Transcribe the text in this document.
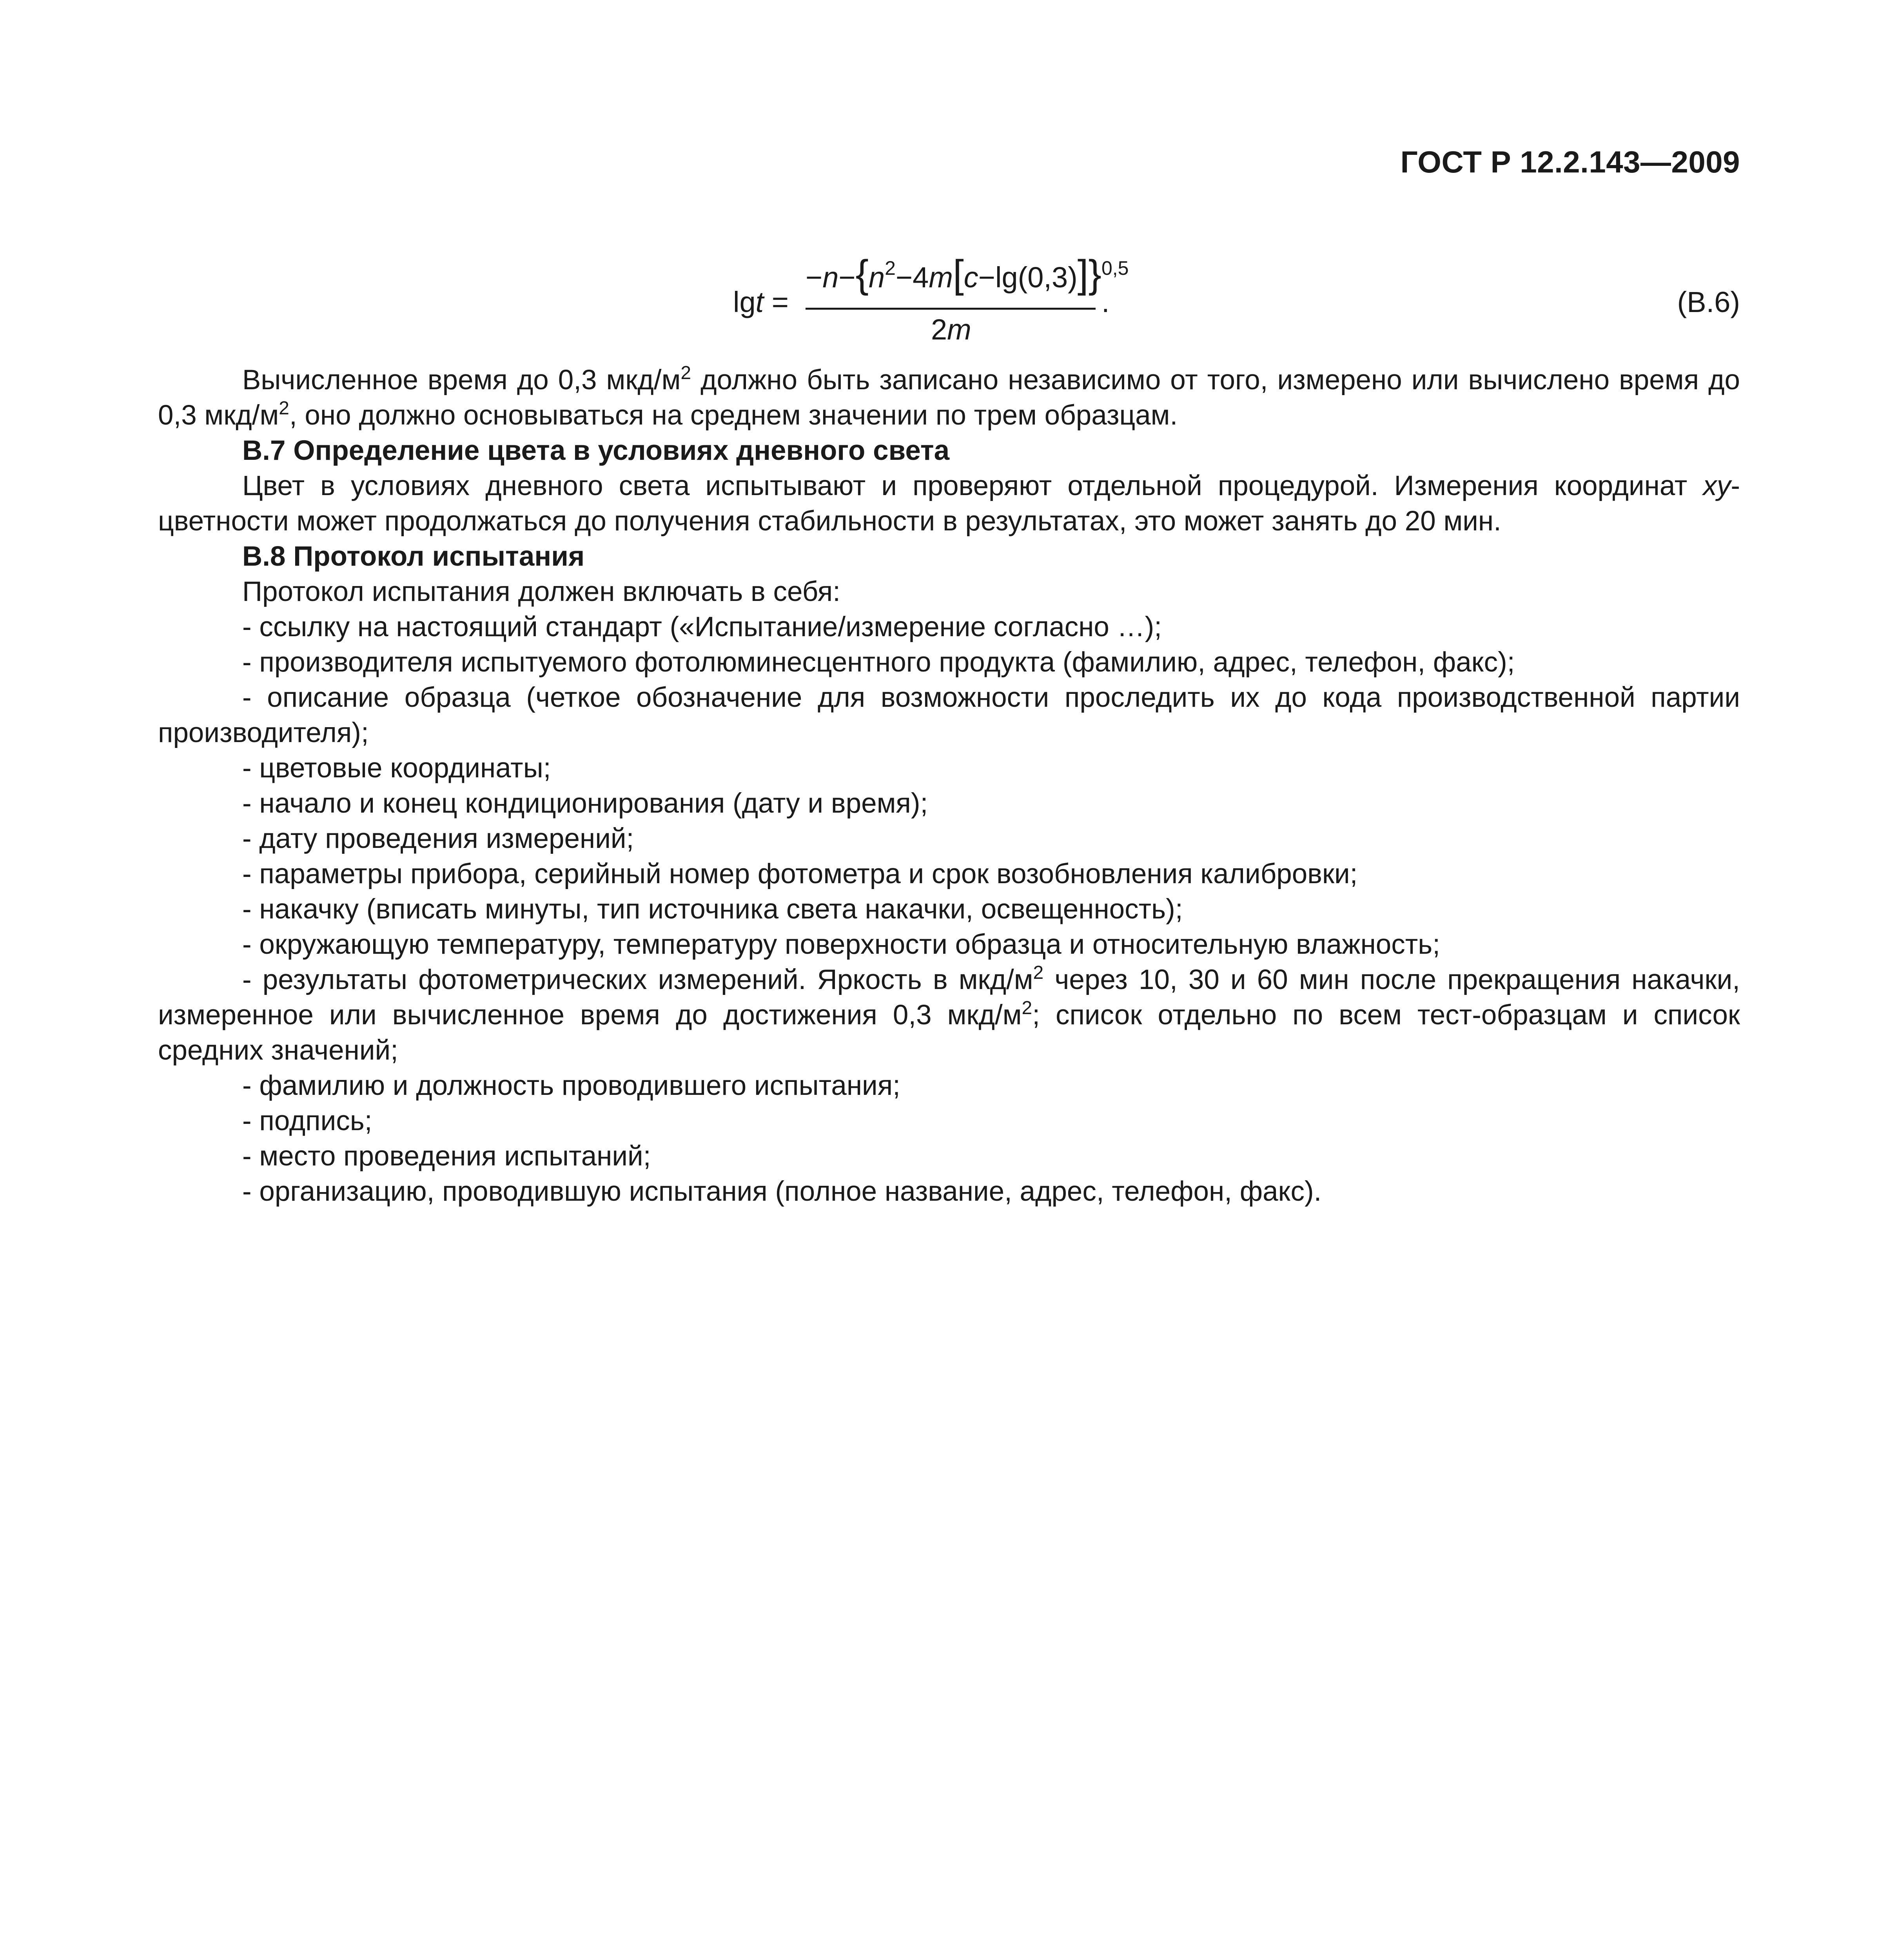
ГОСТ Р 12.2.143—2009
lgt =
$-n-\{n^2-4m[c-\lg(0,3)]\}^{0,5}$
2m
.	(В.6)

Вычисленное время до 0,3 мкд/$м^2$ должно быть записано независимо от того, измерено или вычислено время до 0,3 мкд/$м^2$, оно должно основываться на среднем значении по трем образцам.

В.7 Определение цвета в условиях дневного света

Цвет в условиях дневного света испытывают и проверяют отдельной процедурой. Измерения координат xy-цветности может продолжаться до получения стабильности в результатах, это может занять до 20 мин.

В.8 Протокол испытания

Протокол испытания должен включать в себя:

- ссылку на настоящий стандарт («Испытание/измерение согласно …);

- производителя испытуемого фотолюминесцентного продукта (фамилию, адрес, телефон, факс);

- описание образца (четкое обозначение для возможности проследить их до кода производственной партии производителя);

- цветовые координаты;

- начало и конец кондиционирования (дату и время);

- дату проведения измерений;

- параметры прибора, серийный номер фотометра и срок возобновления калибровки;

- накачку (вписать минуты, тип источника света накачки, освещенность);

- окружающую температуру, температуру поверхности образца и относительную влажность;

- результаты фотометрических измерений. Яркость в мкд/$м^2$ через 10, 30 и 60 мин после прекращения накачки, измеренное или вычисленное время до достижения 0,3 мкд/$м^2$; список отдельно по всем тест-образцам и список средних значений;

- фамилию и должность проводившего испытания;

- подпись;

- место проведения испытаний;

- организацию, проводившую испытания (полное название, адрес, телефон, факс).
